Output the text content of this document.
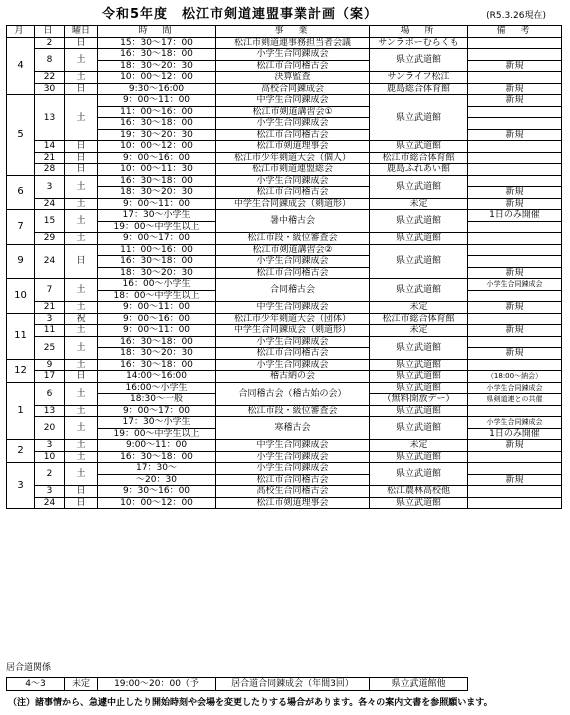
令和5年度　松江市剣道連盟事業計画（案）	(R5.3.26現在)
月	日	曜日	時　間	事　業	場　所	備　考
4	2	日	15：30～17：00	松江市剣道連事務担当者会議	サンラポーむらくも	
	8	土	16：30～18：00	小学生合同錬成会	県立武道館	
			18：30～20：30	松江市合同稽古会		新規
	22	土	10：00～12：00	決算監査	サンライフ松江	
	30	日	9:30～16:00	高校合同錬成会	鹿島総合体育館	新規
5	13	土	9：00～11：00	中学生合同錬成会	県立武道館	新規
			11：00～16：00	松江市剣道講習会①		
			16：30～18：00	小学生合同錬成会		
			19：30～20：30	松江市合同稽古会		新規
	14	日	10：00～12：00	松江市剣道理事会	県立武道館	
	21	日	9：00～16：00	松江市少年剣道大会（個人）	松江市総合体育館	
	28	日	10：00～11：30	松江市剣道連盟総会	鹿島ふれあい館	
6	3	土	16：30～18：00	小学生合同錬成会	県立武道館	
			18：30～20：30	松江市合同稽古会		新規
	24	土	9：00～11：00	中学生合同錬成会（剣道形）	未定	新規
7	15	土	17：30～小学生	暑中稽古会	県立武道館	1日のみ開催
			19：00～中学生以上			
	29	土	9：00～17：00	松江市段・級位審査会	県立武道館	
9	24	日	11：00～16：00	松江市剣道講習会②	県立武道館	
			16：30～18：00	小学生合同錬成会		
			18：30～20：30	松江市合同稽古会		新規
10	7	土	16：00～小学生	合同稽古会	県立武道館	小学生合同錬成会
			18：00～中学生以上			
	21	土	9：00～11：00	中学生合同錬成会	未定	新規
11	3	祝	9：00～16：00	松江市少年剣道大会（団体）	松江市総合体育館	
	11	土	9：00～11：00	中学生合同錬成会（剣道形）	未定	新規
	25	土	16：30～18：00	小学生合同錬成会	県立武道館	
			18：30～20：30	松江市合同稽古会		新規
12	9	土	16：30～18：00	小学生合同錬成会	県立武道館	
	17	日	14:00～16:00	稽古納の会	県立武道館	（18:00～納会）
1	6	土	16:00～小学生	合同稽古会（稽古始の会）	県立武道館	小学生合同錬成会
			18:30～一般		（無料開放デー）	県剣道連との共催
	13	土	9：00～17：00	松江市段・級位審査会	県立武道館	
	20	土	17：30～小学生	寒稽古会	県立武道館	小学生合同錬成会
			19：00～中学生以上			1日のみ開催
2	3	土	9:00～11：00	中学生合同錬成会	未定	新規
	10	土	16：30～18：00	小学生合同錬成会	県立武道館	
3	2	土	17：30～	小学生合同錬成会	県立武道館	
			～20：30	松江市合同稽古会		新規
	3	日	9：30～16：00	高校生合同稽古会	松江農林高校他	
	24	日	10：00～12：00	松江市剣道理事会	県立武道館	
居合道関係
4～3	未定	19:00～20：00（予	居合道合同錬成会（年間3回）	県立武道館他
（注）諸事情から、急遽中止したり開始時刻や会場を変更したりする場合があります。各々の案内文書を参照願います。
